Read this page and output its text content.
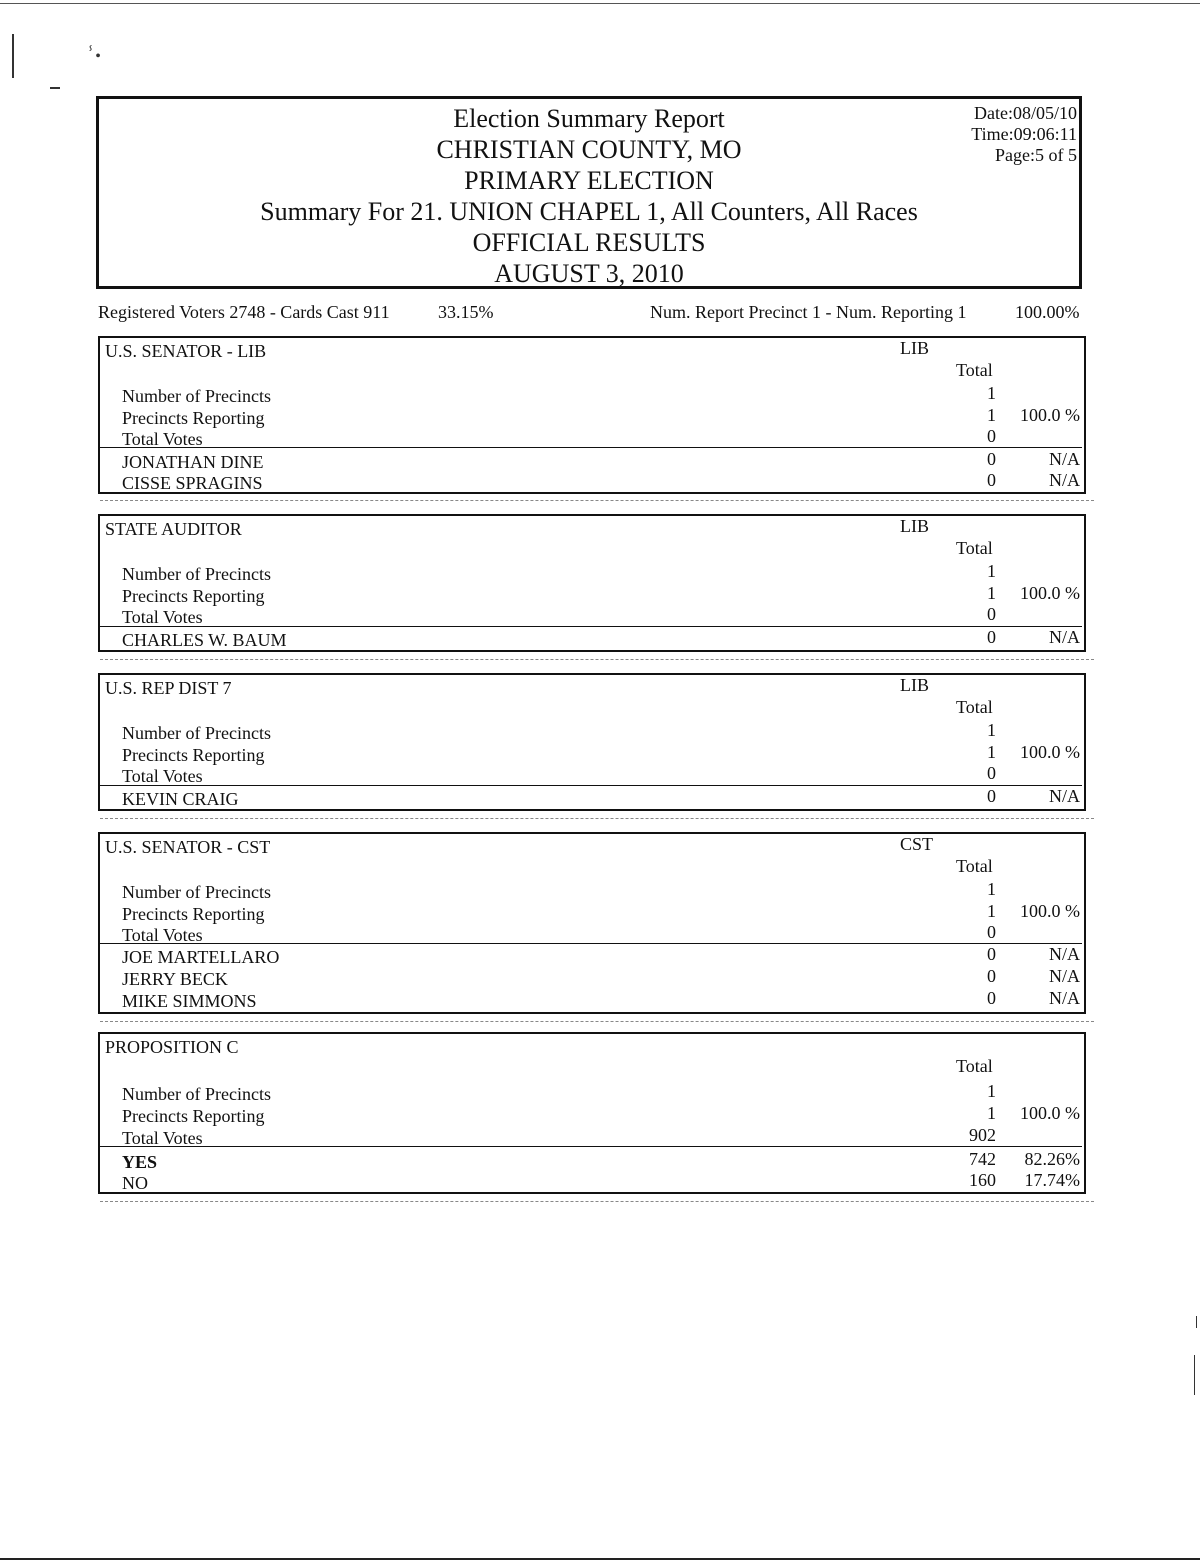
ⸯ•
Election Summary Report
CHRISTIAN COUNTY, MO
PRIMARY ELECTION
Summary For 21. UNION CHAPEL 1, All Counters, All Races
OFFICIAL RESULTS
AUGUST 3, 2010
Date:08/05/10
Time:09:06:11
Page:5 of 5
Registered Voters 2748 - Cards Cast 911	33.15%	Num. Report Precinct 1 - Num. Reporting 1	100.00%
U.S. SENATOR - LIB	LIB
Total
Number of Precincts	1
Precincts Reporting	1 100.0 %
Total Votes	0
JONATHAN DINE	0	N/A
CISSE SPRAGINS	0	N/A
STATE AUDITOR	LIB
Total
Number of Precincts	1
Precincts Reporting	1 100.0 %
Total Votes	0
CHARLES W. BAUM	0	N/A
U.S. REP DIST 7	LIB
Total
Number of Precincts	1
Precincts Reporting	1 100.0 %
Total Votes	0
KEVIN CRAIG	0	N/A
U.S. SENATOR - CST	CST
Total
Number of Precincts	1
Precincts Reporting	1 100.0 %
Total Votes	0
JOE MARTELLARO	0	N/A
JERRY BECK	0	N/A
MIKE SIMMONS	0	N/A
PROPOSITION C
Total
Number of Precincts	1
Precincts Reporting	1 100.0 %
Total Votes	902
YES	742 82.26%
NO	160 17.74%
